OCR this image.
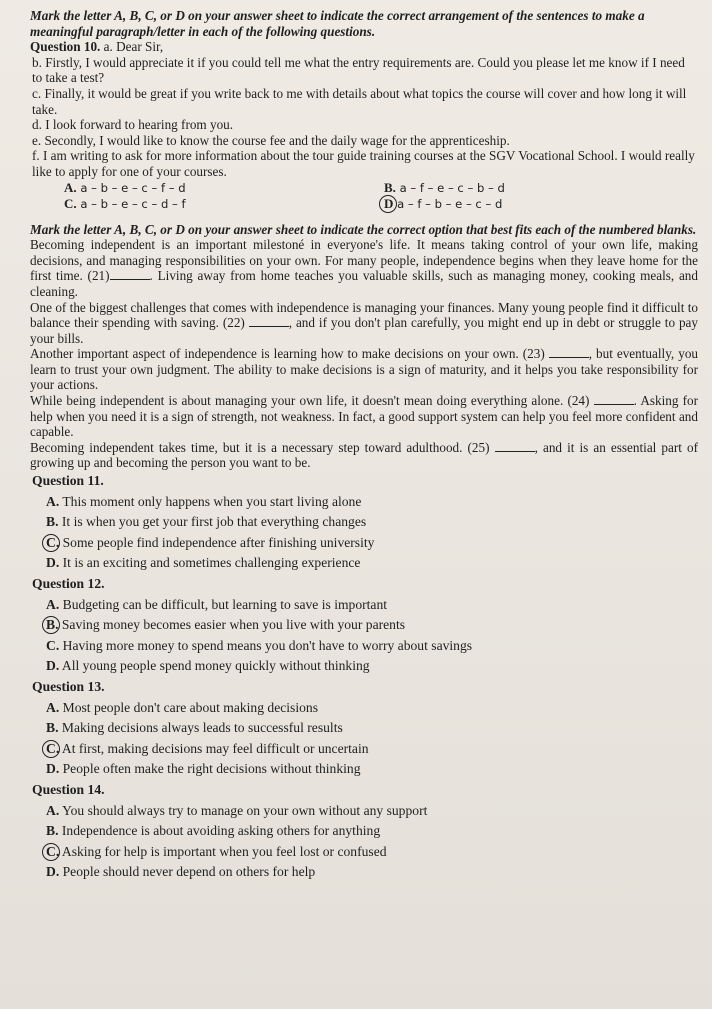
Mark the letter A, B, C, or D on your answer sheet to indicate the correct arrangement of the sentences to make a meaningful paragraph/letter in each of the following questions.

Question 10. a. Dear Sir,

b. Firstly, I would appreciate it if you could tell me what the entry requirements are. Could you please let me know if I need to take a test?

c. Finally, it would be great if you write back to me with details about what topics the course will cover and how long it will take.

d. I look forward to hearing from you.

e. Secondly, I would like to know the course fee and the daily wage for the apprenticeship.

f. I am writing to ask for more information about the tour guide training courses at the SGV Vocational School. I would really like to apply for one of your courses.

A. a – b – e – c – f – d	B. a – f – e – c – b – d
C. a – b – e – c – d – f	D a – f – b – e – c – d

Mark the letter A, B, C, or D on your answer sheet to indicate the correct option that best fits each of the numbered blanks.

Becoming independent is an important milestoné in everyone's life. It means taking control of your own life, making decisions, and managing responsibilities on your own. For many people, independence begins when they leave home for the first time. (21)	. Living away from home teaches you valuable skills, such as managing money, cooking meals, and cleaning.

One of the biggest challenges that comes with independence is managing your finances. Many young people find it difficult to balance their spending with saving. (22)	, and if you don't plan carefully, you might end up in debt or struggle to pay your bills.

Another important aspect of independence is learning how to make decisions on your own. (23)	, but eventually, you learn to trust your own judgment. The ability to make decisions is a sign of maturity, and it helps you take responsibility for your actions.

While being independent is about managing your own life, it doesn't mean doing everything alone. (24)	. Asking for help when you need it is a sign of strength, not weakness. In fact, a good support system can help you feel more confident and capable.

Becoming independent takes time, but it is a necessary step toward adulthood. (25)	, and it is an essential part of growing up and becoming the person you want to be.

Question 11.

A. This moment only happens when you start living alone
B. It is when you get your first job that everything changes
C. Some people find independence after finishing university
D. It is an exciting and sometimes challenging experience

Question 12.

A. Budgeting can be difficult, but learning to save is important
B. Saving money becomes easier when you live with your parents
C. Having more money to spend means you don't have to worry about savings
D. All young people spend money quickly without thinking

Question 13.

A. Most people don't care about making decisions
B. Making decisions always leads to successful results
C. At first, making decisions may feel difficult or uncertain
D. People often make the right decisions without thinking

Question 14.

A. You should always try to manage on your own without any support
B. Independence is about avoiding asking others for anything
C. Asking for help is important when you feel lost or confused
D. People should never depend on others for help
